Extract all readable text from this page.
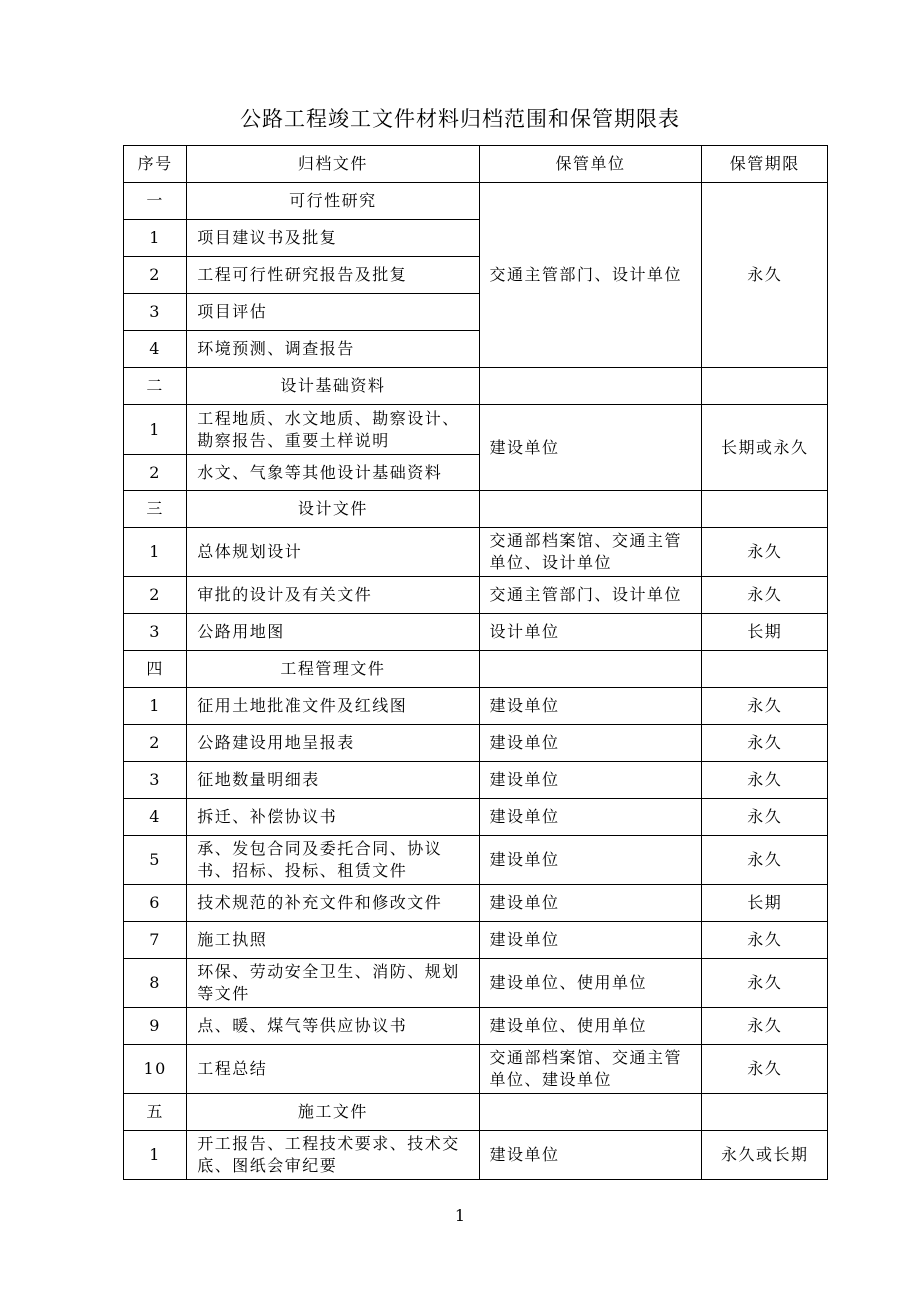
公路工程竣工文件材料归档范围和保管期限表
序号	归档文件	保管单位	保管期限
一	可行性研究	交通主管部门、设计单位	永久
1	项目建议书及批复		
2	工程可行性研究报告及批复		
3	项目评估		
4	环境预测、调查报告		
二	设计基础资料		
1	工程地质、水文地质、勘察设计、勘察报告、重要土样说明	建设单位	长期或永久
2	水文、气象等其他设计基础资料		
三	设计文件		
1	总体规划设计	交通部档案馆、交通主管单位、设计单位	永久
2	审批的设计及有关文件	交通主管部门、设计单位	永久
3	公路用地图	设计单位	长期
四	工程管理文件		
1	征用土地批准文件及红线图	建设单位	永久
2	公路建设用地呈报表	建设单位	永久
3	征地数量明细表	建设单位	永久
4	拆迁、补偿协议书	建设单位	永久
5	承、发包合同及委托合同、协议书、招标、投标、租赁文件	建设单位	永久
6	技术规范的补充文件和修改文件	建设单位	长期
7	施工执照	建设单位	永久
8	环保、劳动安全卫生、消防、规划等文件	建设单位、使用单位	永久
9	点、暖、煤气等供应协议书	建设单位、使用单位	永久
10	工程总结	交通部档案馆、交通主管单位、建设单位	永久
五	施工文件		
1	开工报告、工程技术要求、技术交底、图纸会审纪要	建设单位	永久或长期
1
